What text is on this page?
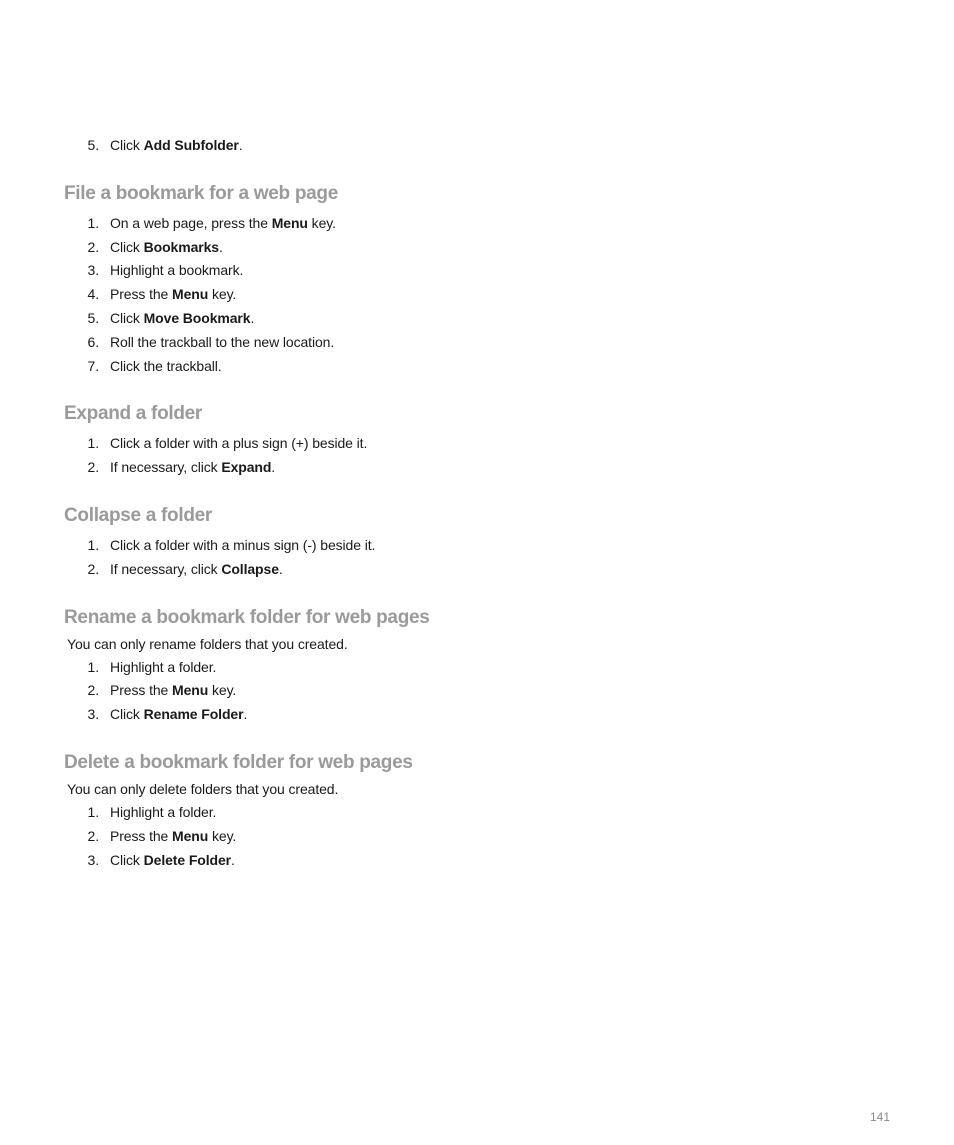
5. Click Add Subfolder.
File a bookmark for a web page
1. On a web page, press the Menu key.
2. Click Bookmarks.
3. Highlight a bookmark.
4. Press the Menu key.
5. Click Move Bookmark.
6. Roll the trackball to the new location.
7. Click the trackball.
Expand a folder
1. Click a folder with a plus sign (+) beside it.
2. If necessary, click Expand.
Collapse a folder
1. Click a folder with a minus sign (-) beside it.
2. If necessary, click Collapse.
Rename a bookmark folder for web pages

You can only rename folders that you created.

1. Highlight a folder.
2. Press the Menu key.
3. Click Rename Folder.
Delete a bookmark folder for web pages

You can only delete folders that you created.

1. Highlight a folder.
2. Press the Menu key.
3. Click Delete Folder.
141
